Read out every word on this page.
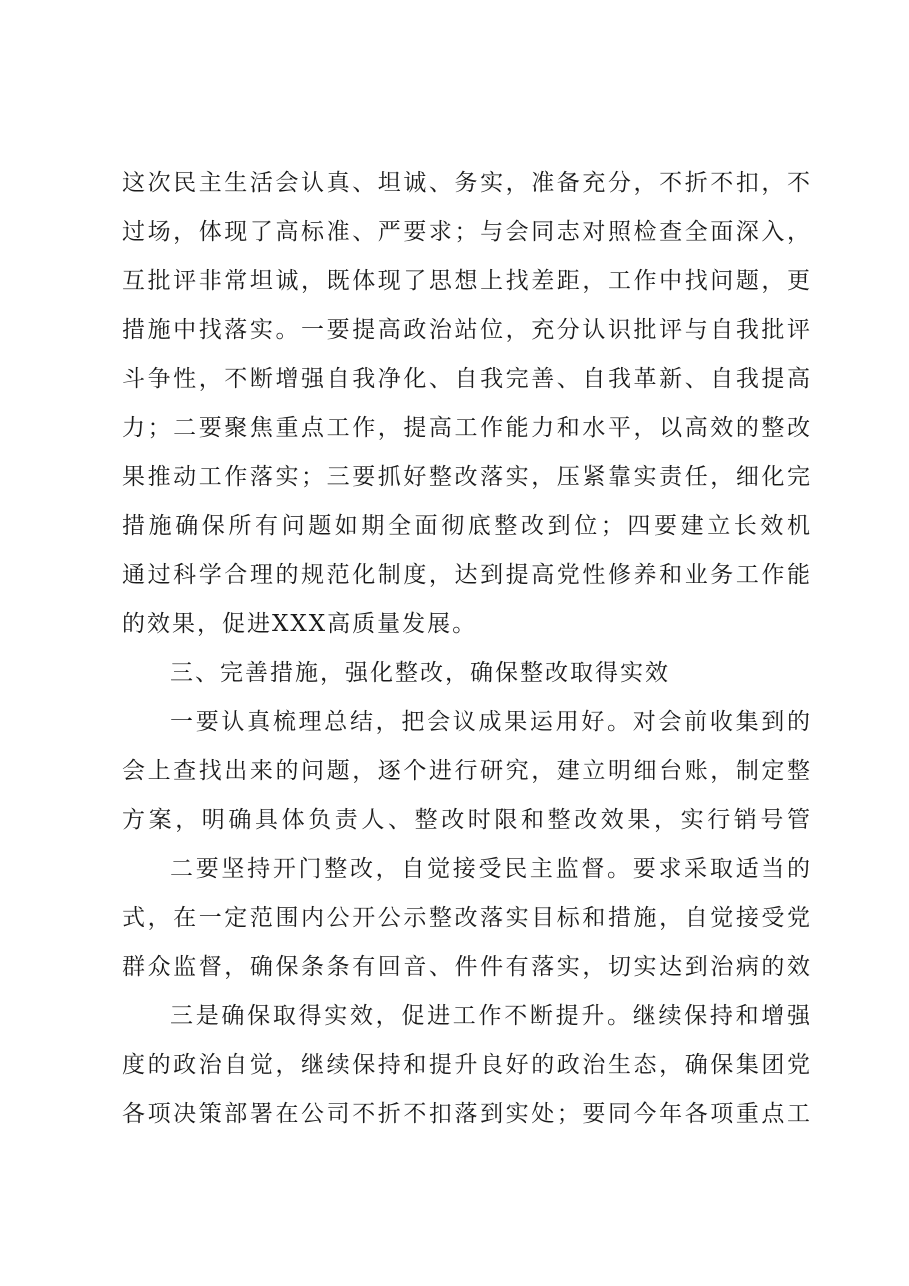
这次民主生活会认真、坦诚、务实，准备充分，不折不扣，不
过场，体现了高标准、严要求；与会同志对照检查全面深入，
互批评非常坦诚，既体现了思想上找差距，工作中找问题，更
措施中找落实。一要提高政治站位，充分认识批评与自我批评
斗争性，不断增强自我净化、自我完善、自我革新、自我提高
力；二要聚焦重点工作，提高工作能力和水平，以高效的整改
果推动工作落实；三要抓好整改落实，压紧靠实责任，细化完
措施确保所有问题如期全面彻底整改到位；四要建立长效机
通过科学合理的规范化制度，达到提高党性修养和业务工作能
的效果，促进XXX高质量发展。
三、完善措施，强化整改，确保整改取得实效
一要认真梳理总结，把会议成果运用好。对会前收集到的
会上查找出来的问题，逐个进行研究，建立明细台账，制定整
方案，明确具体负责人、整改时限和整改效果，实行销号管
二要坚持开门整改，自觉接受民主监督。要求采取适当的
式，在一定范围内公开公示整改落实目标和措施，自觉接受党
群众监督，确保条条有回音、件件有落实，切实达到治病的效
三是确保取得实效，促进工作不断提升。继续保持和增强
度的政治自觉，继续保持和提升良好的政治生态，确保集团党
各项决策部署在公司不折不扣落到实处；要同今年各项重点工
